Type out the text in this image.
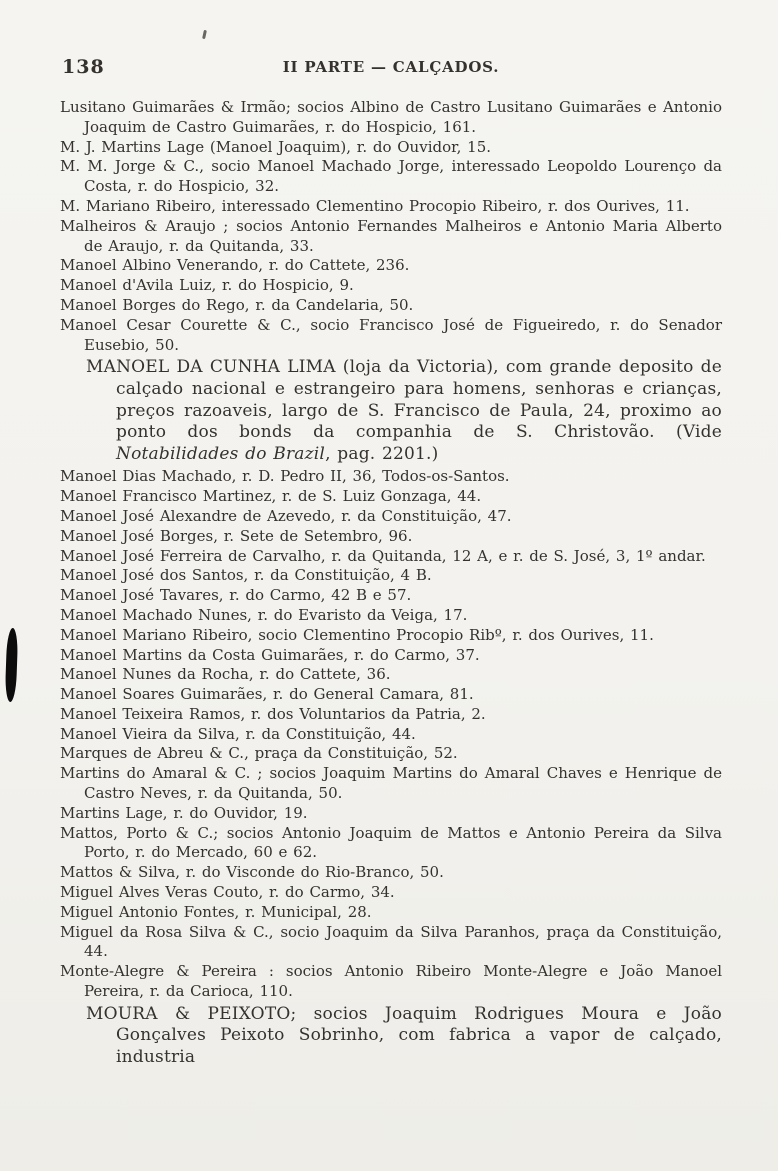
138	II PARTE — CALÇADOS.

Lusitano Guimarães & Irmão; socios Albino de Castro Lusitano Guimarães e Antonio Joaquim de Castro Guimarães, r. do Hospicio, 161.

M. J. Martins Lage (Manoel Joaquim), r. do Ouvidor, 15.

M. M. Jorge & C., socio Manoel Machado Jorge, interessado Leopoldo Lourenço da Costa, r. do Hospicio, 32.

M. Mariano Ribeiro, interessado Clementino Procopio Ribeiro, r. dos Ourives, 11.

Malheiros & Araujo ; socios Antonio Fernandes Malheiros e Antonio Maria Alberto de Araujo, r. da Quitanda, 33.

Manoel Albino Venerando, r. do Cattete, 236.

Manoel d'Avila Luiz, r. do Hospicio, 9.

Manoel Borges do Rego, r. da Candelaria, 50.

Manoel Cesar Courette & C., socio Francisco José de Figueiredo, r. do Senador Eusebio, 50.

MANOEL DA CUNHA LIMA (loja da Victoria), com grande deposito de calçado nacional e estrangeiro para homens, senhoras e crianças, preços razoaveis, largo de S. Francisco de Paula, 24, proximo ao ponto dos bonds da companhia de S. Christovão. (Vide Notabilidades do Brazil, pag. 2201.)

Manoel Dias Machado, r. D. Pedro II, 36, Todos-os-Santos.

Manoel Francisco Martinez, r. de S. Luiz Gonzaga, 44.

Manoel José Alexandre de Azevedo, r. da Constituição, 47.

Manoel José Borges, r. Sete de Setembro, 96.

Manoel José Ferreira de Carvalho, r. da Quitanda, 12 A, e r. de S. José, 3, 1º andar.

Manoel José dos Santos, r. da Constituição, 4 B.

Manoel José Tavares, r. do Carmo, 42 B e 57.

Manoel Machado Nunes, r. do Evaristo da Veiga, 17.

Manoel Mariano Ribeiro, socio Clementino Procopio Ribº, r. dos Ourives, 11.

Manoel Martins da Costa Guimarães, r. do Carmo, 37.

Manoel Nunes da Rocha, r. do Cattete, 36.

Manoel Soares Guimarães, r. do General Camara, 81.

Manoel Teixeira Ramos, r. dos Voluntarios da Patria, 2.

Manoel Vieira da Silva, r. da Constituição, 44.

Marques de Abreu & C., praça da Constituição, 52.

Martins do Amaral & C. ; socios Joaquim Martins do Amaral Chaves e Henrique de Castro Neves, r. da Quitanda, 50.

Martins Lage, r. do Ouvidor, 19.

Mattos, Porto & C.; socios Antonio Joaquim de Mattos e Antonio Pereira da Silva Porto, r. do Mercado, 60 e 62.

Mattos & Silva, r. do Visconde do Rio-Branco, 50.

Miguel Alves Veras Couto, r. do Carmo, 34.

Miguel Antonio Fontes, r. Municipal, 28.

Miguel da Rosa Silva & C., socio Joaquim da Silva Paranhos, praça da Constituição, 44.

Monte-Alegre & Pereira : socios Antonio Ribeiro Monte-Alegre e João Manoel Pereira, r. da Carioca, 110.

MOURA & PEIXOTO; socios Joaquim Rodrigues Moura e João Gonçalves Peixoto Sobrinho, com fabrica a vapor de calçado, industria
